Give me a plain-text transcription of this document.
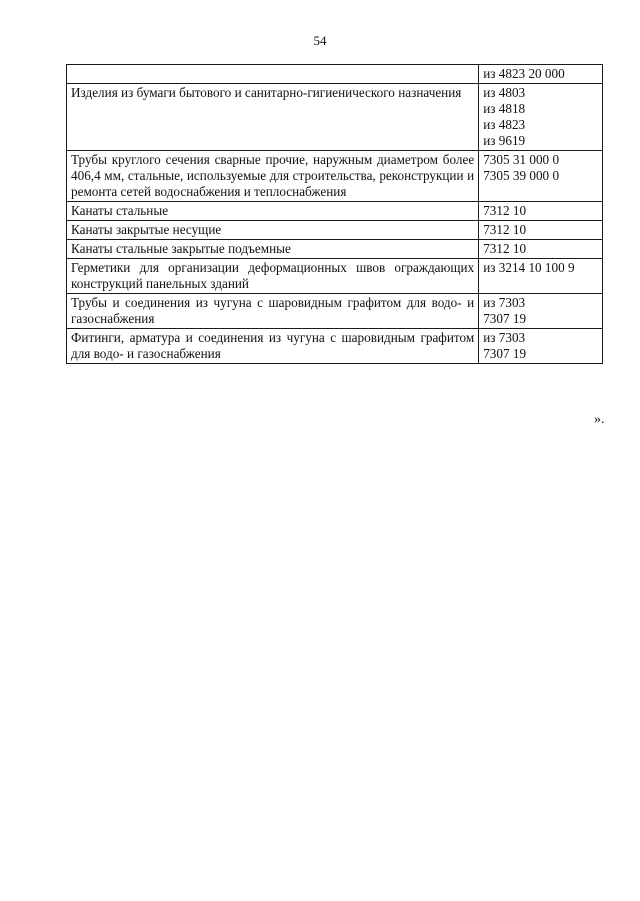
54

	из 4823 20 000

Изделия из бумаги бытового и санитарно-гигиенического назначения	из 4803
из 4818
из 4823
из 9619

Трубы круглого сечения сварные прочие, наружным диаметром более 406,4 мм, стальные, используемые для строительства, реконструкции и ремонта сетей водоснабжения и теплоснабжения	7305 31 000 0
7305 39 000 0

Канаты стальные	7312 10

Канаты закрытые несущие	7312 10

Канаты стальные закрытые подъемные	7312 10

Герметики для организации деформационных швов ограждающих конструкций панельных зданий	из 3214 10 100 9

Трубы и соединения из чугуна с шаровидным графитом для водо- и газоснабжения	из 7303
7307 19

Фитинги, арматура и соединения из чугуна с шаровидным графитом для водо- и газоснабжения	из 7303
7307 19
».
